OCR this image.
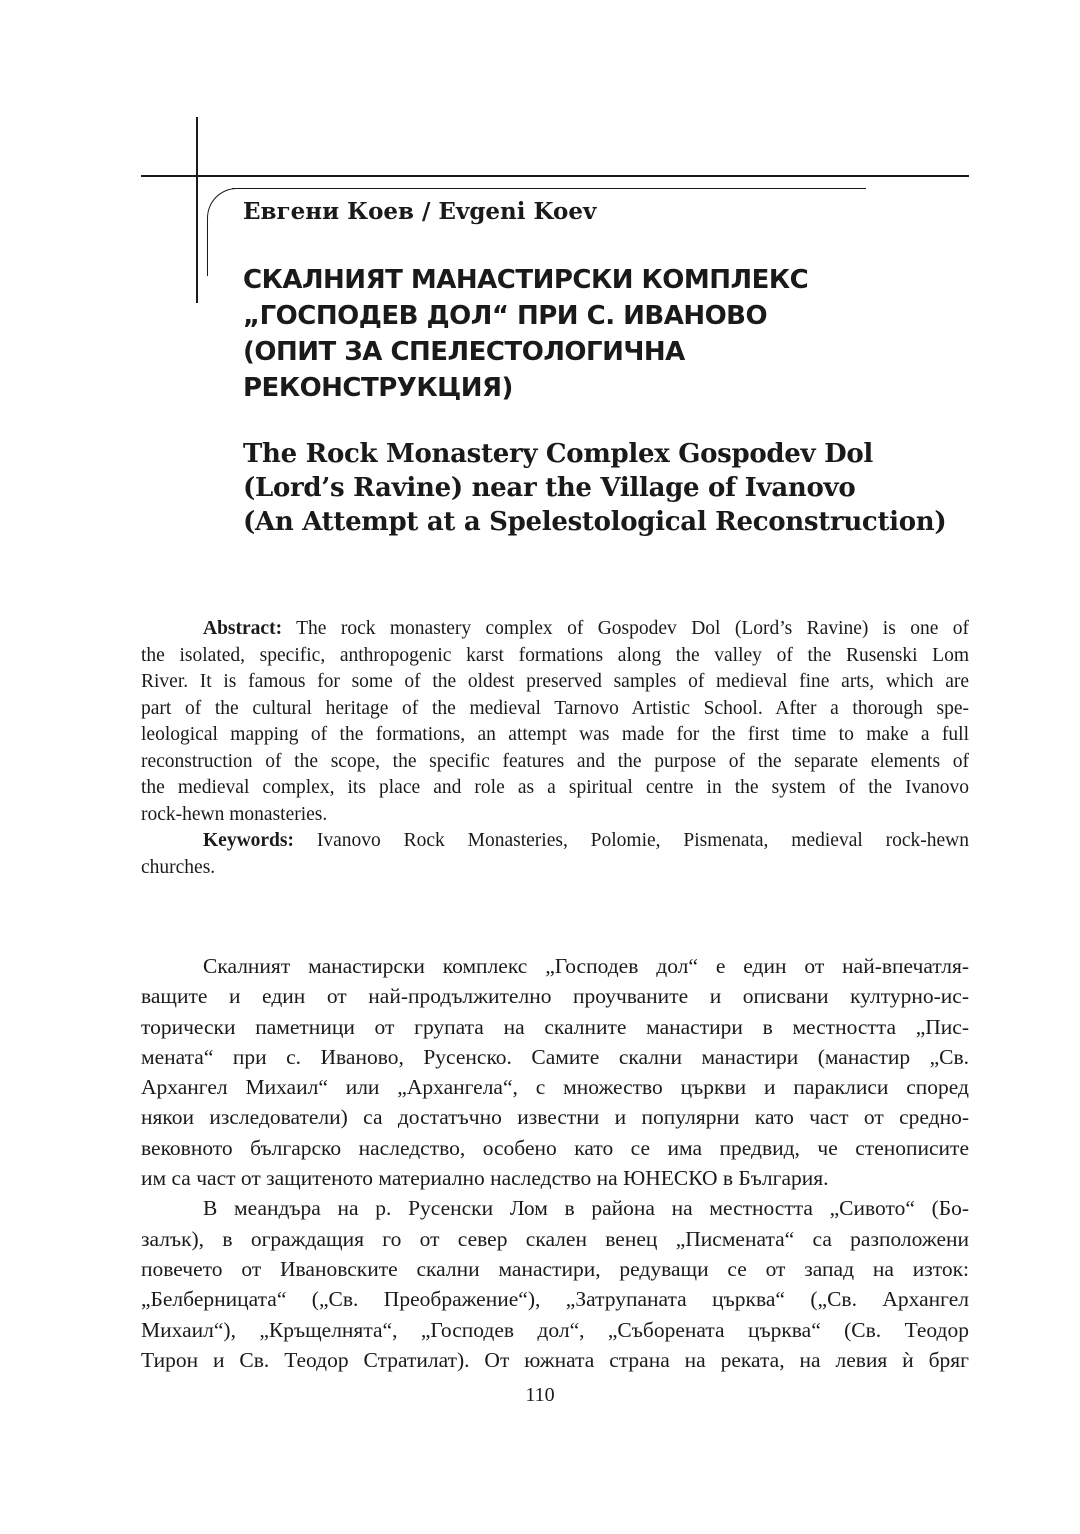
Евгени Коев / Evgeni Koev
СКАЛНИЯТ МАНАСТИРСКИ КОМПЛЕКС
„ГОСПОДЕВ ДОЛ“ ПРИ С. ИВАНОВО
(ОПИТ ЗА СПЕЛЕСТОЛОГИЧНА
РЕКОНСТРУКЦИЯ)
The Rock Monastery Complex Gospodev Dol
(Lord’s Ravine) near the Village of Ivanovo
(An Attempt at a Spelestological Reconstruction)
Abstract: The rock monastery complex of Gospodev Dol (Lord’s Ravine) is one of
the isolated, specific, anthropogenic karst formations along the valley of the Rusenski Lom
River. It is famous for some of the oldest preserved samples of medieval fine arts, which are
part of the cultural heritage of the medieval Tarnovo Artistic School. After a thorough spe-
leological mapping of the formations, an attempt was made for the first time to make a full
reconstruction of the scope, the specific features and the purpose of the separate elements of
the medieval complex, its place and role as a spiritual centre in the system of the Ivanovo
rock-hewn monasteries.
Keywords: Ivanovo Rock Monasteries, Polomie, Pismenata, medieval rock-hewn
churches.
Скалният манастирски комплекс „Господев дол“ е един от най-впечатля-
ващите и един от най-продължително проучваните и описвани културно-ис-
торически паметници от групата на скалните манастири в местността „Пис-
мената“ при с. Иваново, Русенско. Самите скални манастири (манастир „Св.
Архангел Михаил“ или „Архангела“, с множество църкви и параклиси според
някои изследователи) са достатъчно известни и популярни като част от средно-
вековното българско наследство, особено като се има предвид, че стенописите
им са част от защитеното материално наследство на ЮНЕСКО в България.
В меандъра на р. Русенски Лом в района на местността „Сивото“ (Бо-
залък), в ограждащия го от север скален венец „Писмената“ са разположени
повечето от Ивановските скални манастири, редуващи се от запад на изток:
„Белберницата“ („Св. Преображение“), „Затрупаната църква“ („Св. Архангел
Михаил“), „Кръщелнята“, „Господев дол“, „Съборената църква“ (Св. Теодор
Тирон и Св. Теодор Стратилат). От южната страна на реката, на левия ѝ бряг
110
